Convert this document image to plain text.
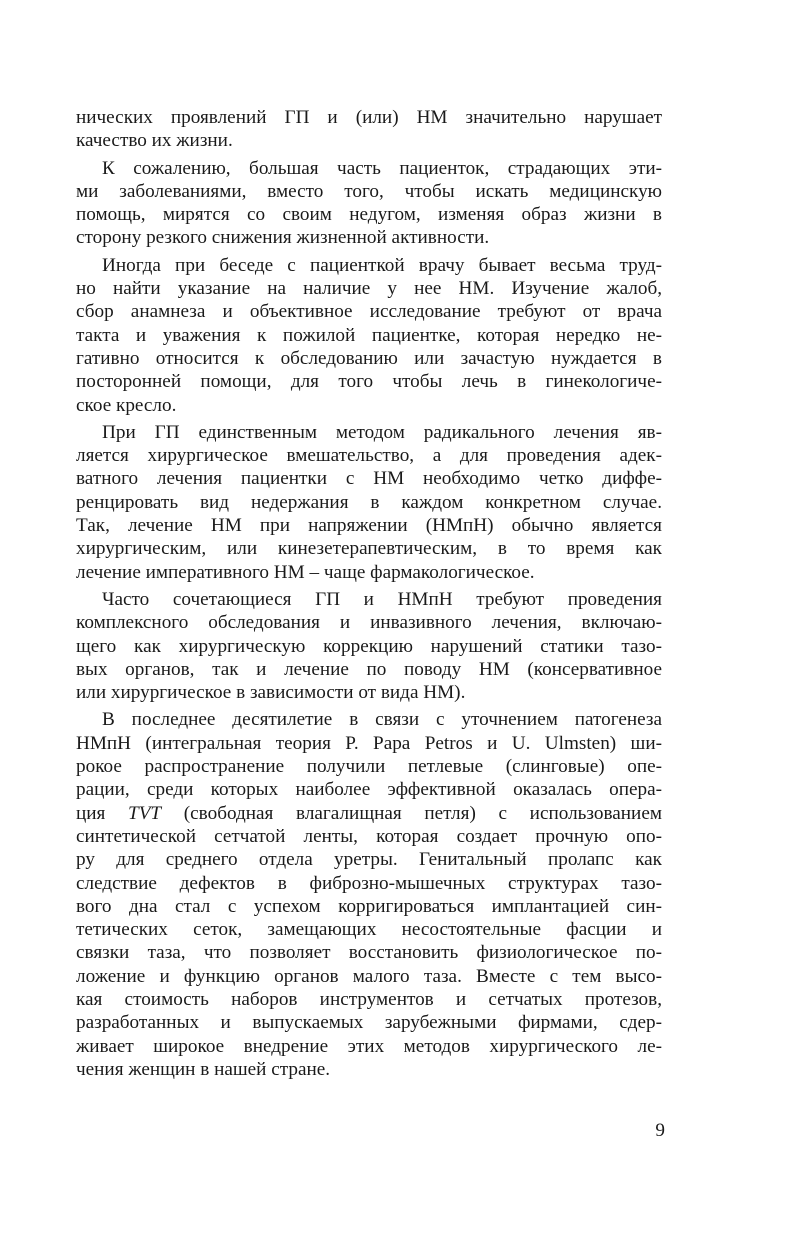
нических проявлений ГП и (или) НМ значительно нарушает
качество их жизни.
К сожалению, большая часть пациенток, страдающих эти-
ми заболеваниями, вместо того, чтобы искать медицинскую
помощь, мирятся со своим недугом, изменяя образ жизни в
сторону резкого снижения жизненной активности.
Иногда при беседе с пациенткой врачу бывает весьма труд-
но найти указание на наличие у нее НМ. Изучение жалоб,
сбор анамнеза и объективное исследование требуют от врача
такта и уважения к пожилой пациентке, которая нередко не-
гативно относится к обследованию или зачастую нуждается в
посторонней помощи, для того чтобы лечь в гинекологиче-
ское кресло.
При ГП единственным методом радикального лечения яв-
ляется хирургическое вмешательство, а для проведения адек-
ватного лечения пациентки с НМ необходимо четко диффе-
ренцировать вид недержания в каждом конкретном случае.
Так, лечение НМ при напряжении (НМпН) обычно является
хирургическим, или кинезетерапевтическим, в то время как
лечение императивного НМ – чаще фармакологическое.
Часто сочетающиеся ГП и НМпН требуют проведения
комплексного обследования и инвазивного лечения, включаю-
щего как хирургическую коррекцию нарушений статики тазо-
вых органов, так и лечение по поводу НМ (консервативное
или хирургическое в зависимости от вида НМ).
В последнее десятилетие в связи с уточнением патогенеза
НМпН (интегральная теория P. Papa Petros и U. Ulmsten) ши-
рокое распространение получили петлевые (слинговые) опе-
рации, среди которых наиболее эффективной оказалась опера-
ция TVT (свободная влагалищная петля) с использованием
синтетической сетчатой ленты, которая создает прочную опо-
ру для среднего отдела уретры. Генитальный пролапс как
следствие дефектов в фиброзно-мышечных структурах тазо-
вого дна стал с успехом корригироваться имплантацией син-
тетических сеток, замещающих несостоятельные фасции и
связки таза, что позволяет восстановить физиологическое по-
ложение и функцию органов малого таза. Вместе с тем высо-
кая стоимость наборов инструментов и сетчатых протезов,
разработанных и выпускаемых зарубежными фирмами, сдер-
живает широкое внедрение этих методов хирургического ле-
чения женщин в нашей стране.
9
